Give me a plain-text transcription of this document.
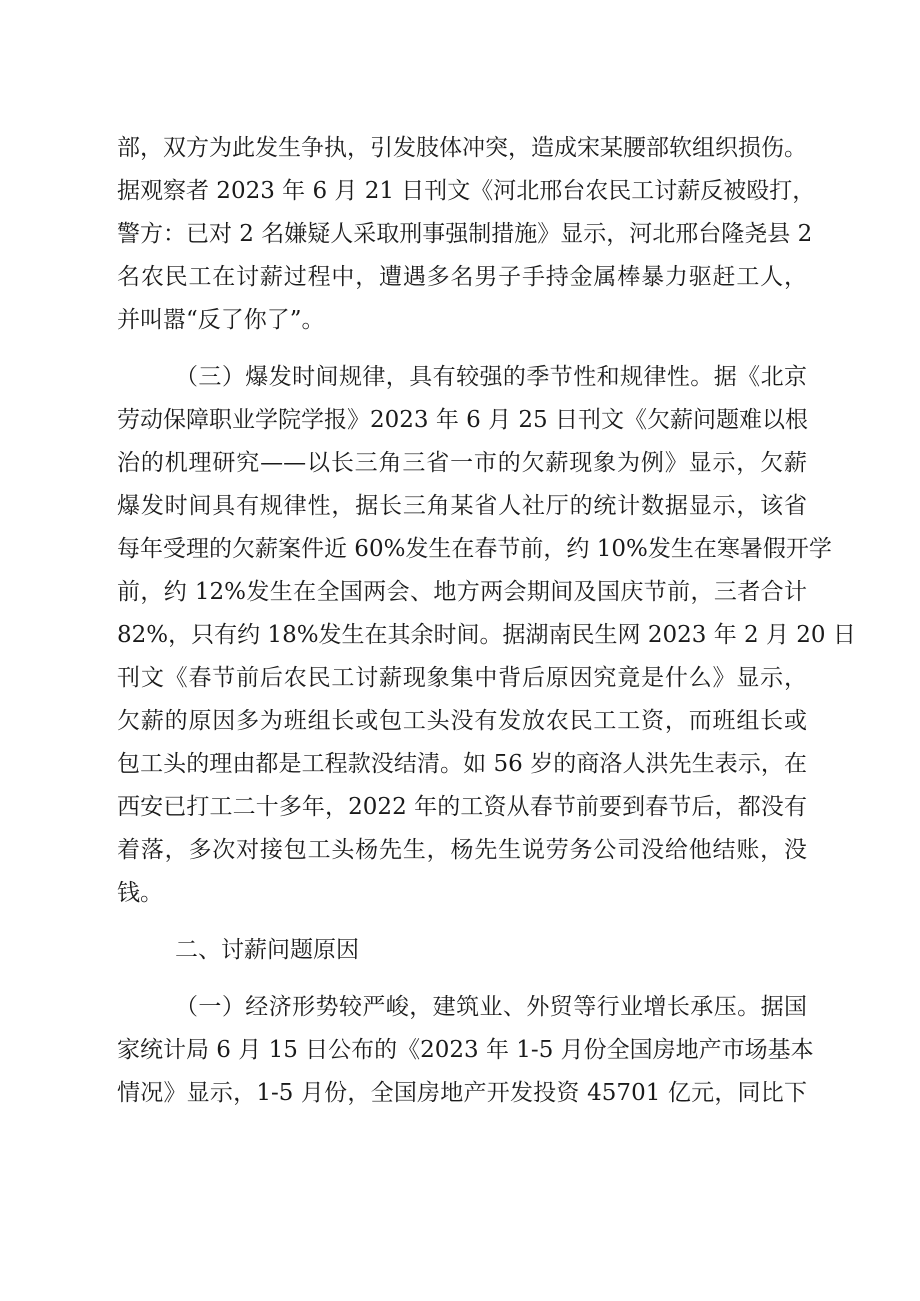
部，双方为此发生争执，引发肢体冲突，造成宋某腰部软组织损伤。
据观察者 2023 年 6 月 21 日刊文《河北邢台农民工讨薪反被殴打，
警方：已对 2 名嫌疑人采取刑事强制措施》显示，河北邢台隆尧县 2
名农民工在讨薪过程中，遭遇多名男子手持金属棒暴力驱赶工人，
并叫嚣“反了你了”。
（三）爆发时间规律，具有较强的季节性和规律性。据《北京
劳动保障职业学院学报》2023 年 6 月 25 日刊文《欠薪问题难以根
治的机理研究——以长三角三省一市的欠薪现象为例》显示，欠薪
爆发时间具有规律性，据长三角某省人社厅的统计数据显示，该省
每年受理的欠薪案件近 60%发生在春节前，约 10%发生在寒暑假开学
前，约 12%发生在全国两会、地方两会期间及国庆节前，三者合计
82%，只有约 18%发生在其余时间。据湖南民生网 2023 年 2 月 20 日
刊文《春节前后农民工讨薪现象集中背后原因究竟是什么》显示，
欠薪的原因多为班组长或包工头没有发放农民工工资，而班组长或
包工头的理由都是工程款没结清。如 56 岁的商洛人洪先生表示，在
西安已打工二十多年，2022 年的工资从春节前要到春节后，都没有
着落，多次对接包工头杨先生，杨先生说劳务公司没给他结账，没
钱。
二、讨薪问题原因
（一）经济形势较严峻，建筑业、外贸等行业增长承压。据国
家统计局 6 月 15 日公布的《2023 年 1-5 月份全国房地产市场基本
情况》显示，1-5 月份，全国房地产开发投资 45701 亿元，同比下
